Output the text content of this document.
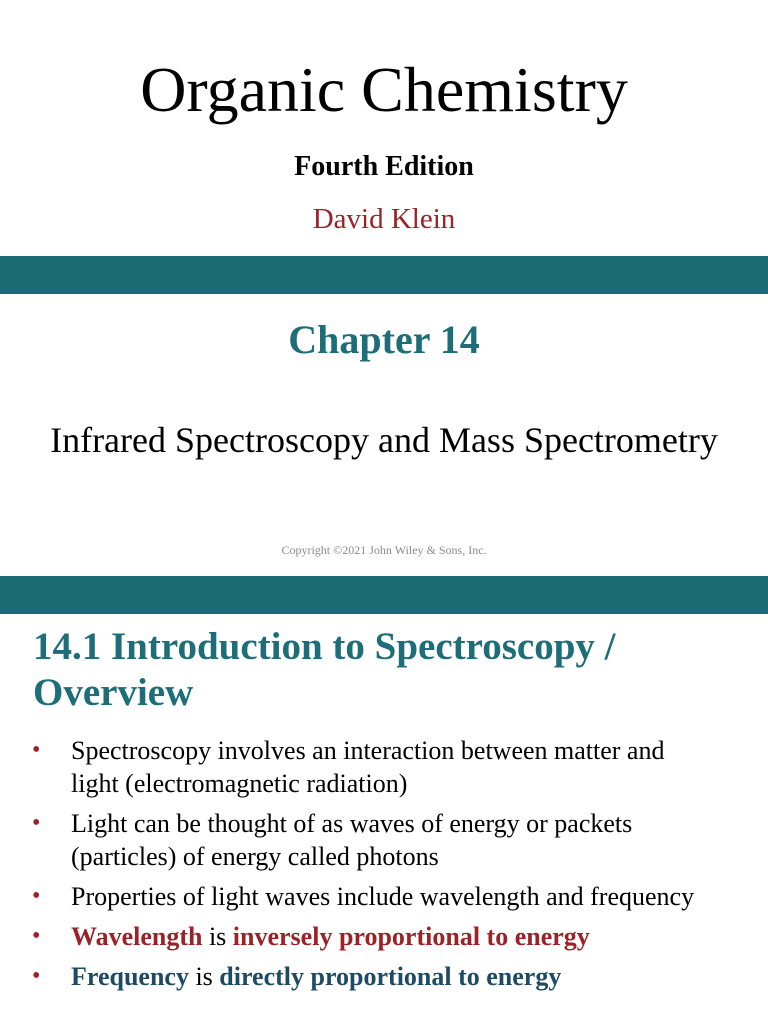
Organic Chemistry
Fourth Edition
David Klein
Chapter 14
Infrared Spectroscopy and Mass Spectrometry
Copyright ©2021 John Wiley & Sons, Inc.
14.1 Introduction to Spectroscopy / Overview
• Spectroscopy involves an interaction between matter and light (electromagnetic radiation)
• Light can be thought of as waves of energy or packets (particles) of energy called photons
• Properties of light waves include wavelength and frequency
• Wavelength is inversely proportional to energy
• Frequency is directly proportional to energy
